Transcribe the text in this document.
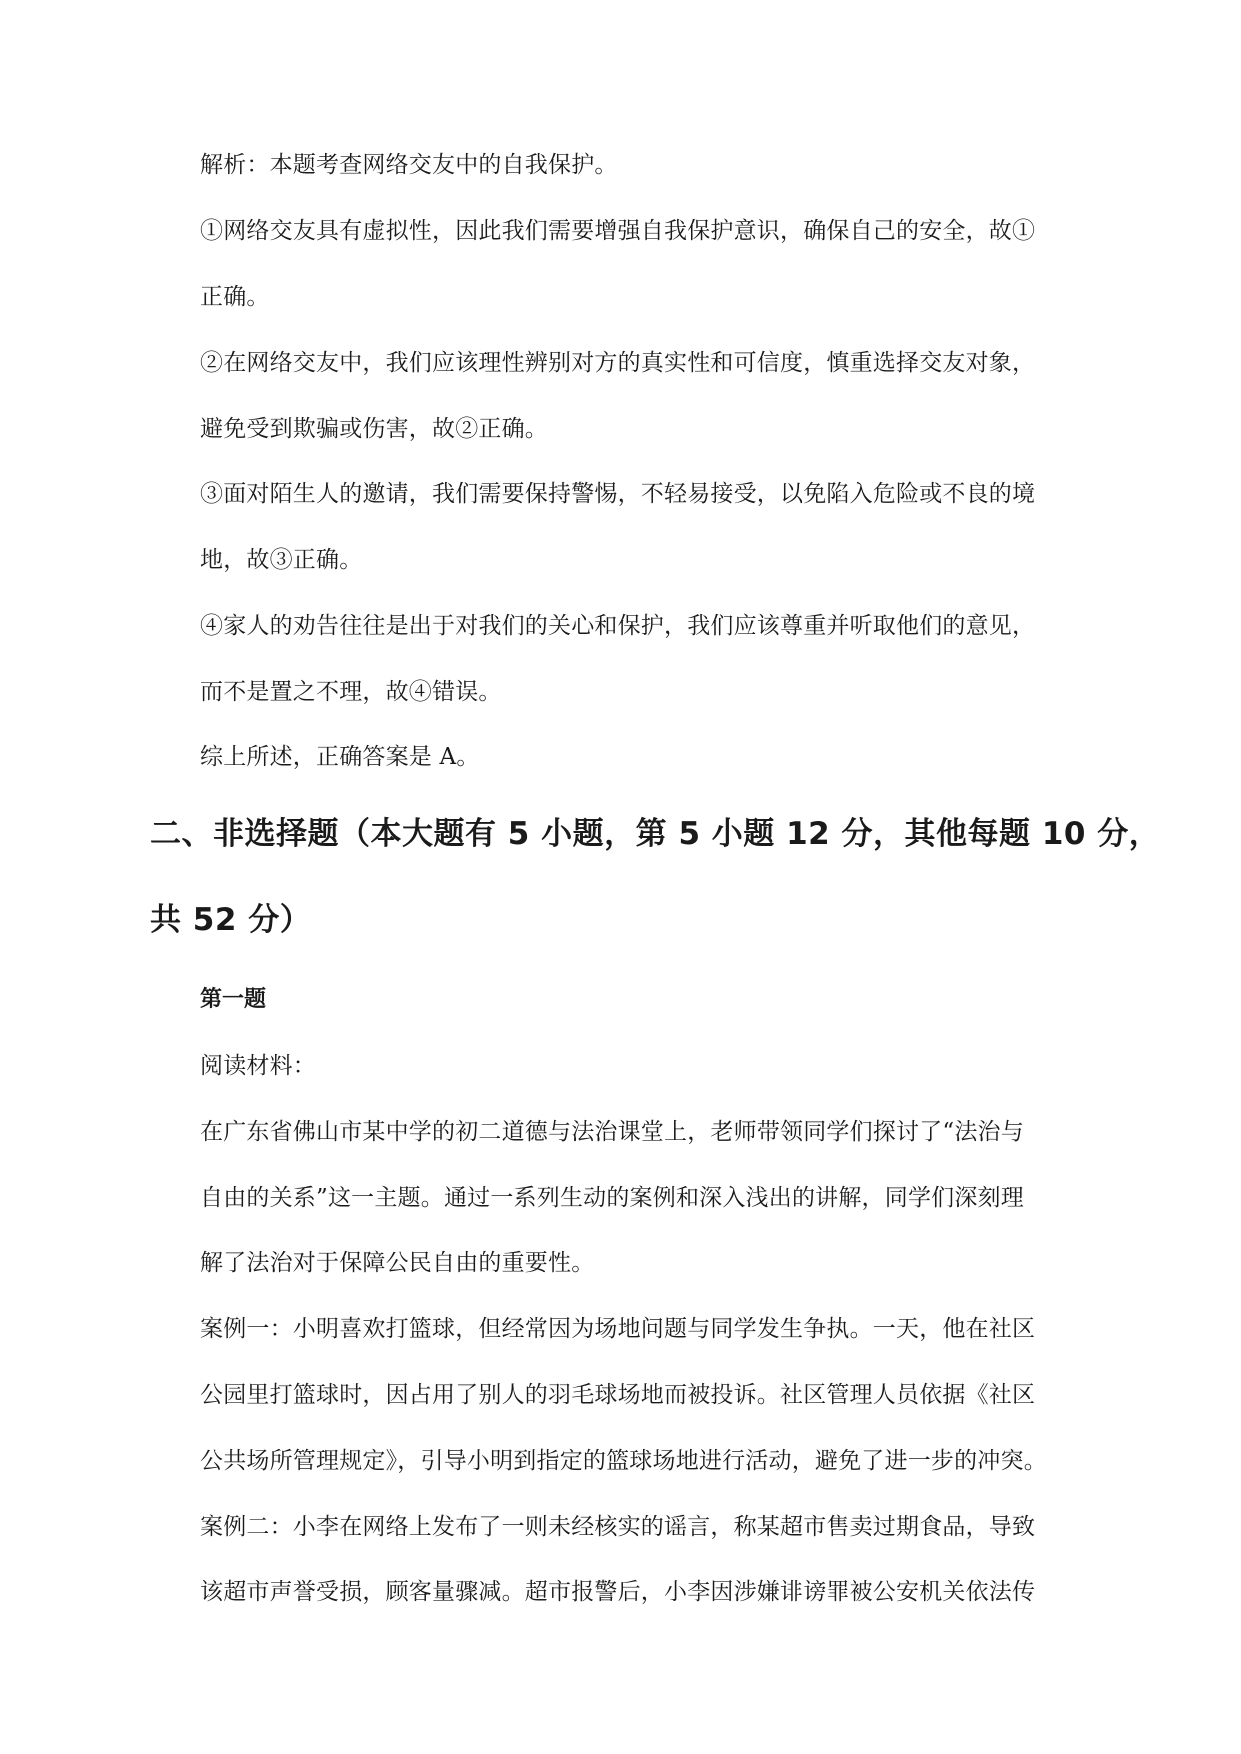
解析：本题考查网络交友中的自我保护。
①网络交友具有虚拟性，因此我们需要增强自我保护意识，确保自己的安全，故①
正确。
②在网络交友中，我们应该理性辨别对方的真实性和可信度，慎重选择交友对象，
避免受到欺骗或伤害，故②正确。
③面对陌生人的邀请，我们需要保持警惕，不轻易接受，以免陷入危险或不良的境
地，故③正确。
④家人的劝告往往是出于对我们的关心和保护，我们应该尊重并听取他们的意见，
而不是置之不理，故④错误。
综上所述，正确答案是 A。
二、非选择题（本大题有 5 小题，第 5 小题 12 分，其他每题 10 分，
共 52 分）
第一题
阅读材料：
在广东省佛山市某中学的初二道德与法治课堂上，老师带领同学们探讨了“法治与
自由的关系”这一主题。通过一系列生动的案例和深入浅出的讲解，同学们深刻理
解了法治对于保障公民自由的重要性。
案例一：小明喜欢打篮球，但经常因为场地问题与同学发生争执。一天，他在社区
公园里打篮球时，因占用了别人的羽毛球场地而被投诉。社区管理人员依据《社区
公共场所管理规定》，引导小明到指定的篮球场地进行活动，避免了进一步的冲突。
案例二：小李在网络上发布了一则未经核实的谣言，称某超市售卖过期食品，导致
该超市声誉受损，顾客量骤减。超市报警后，小李因涉嫌诽谤罪被公安机关依法传
